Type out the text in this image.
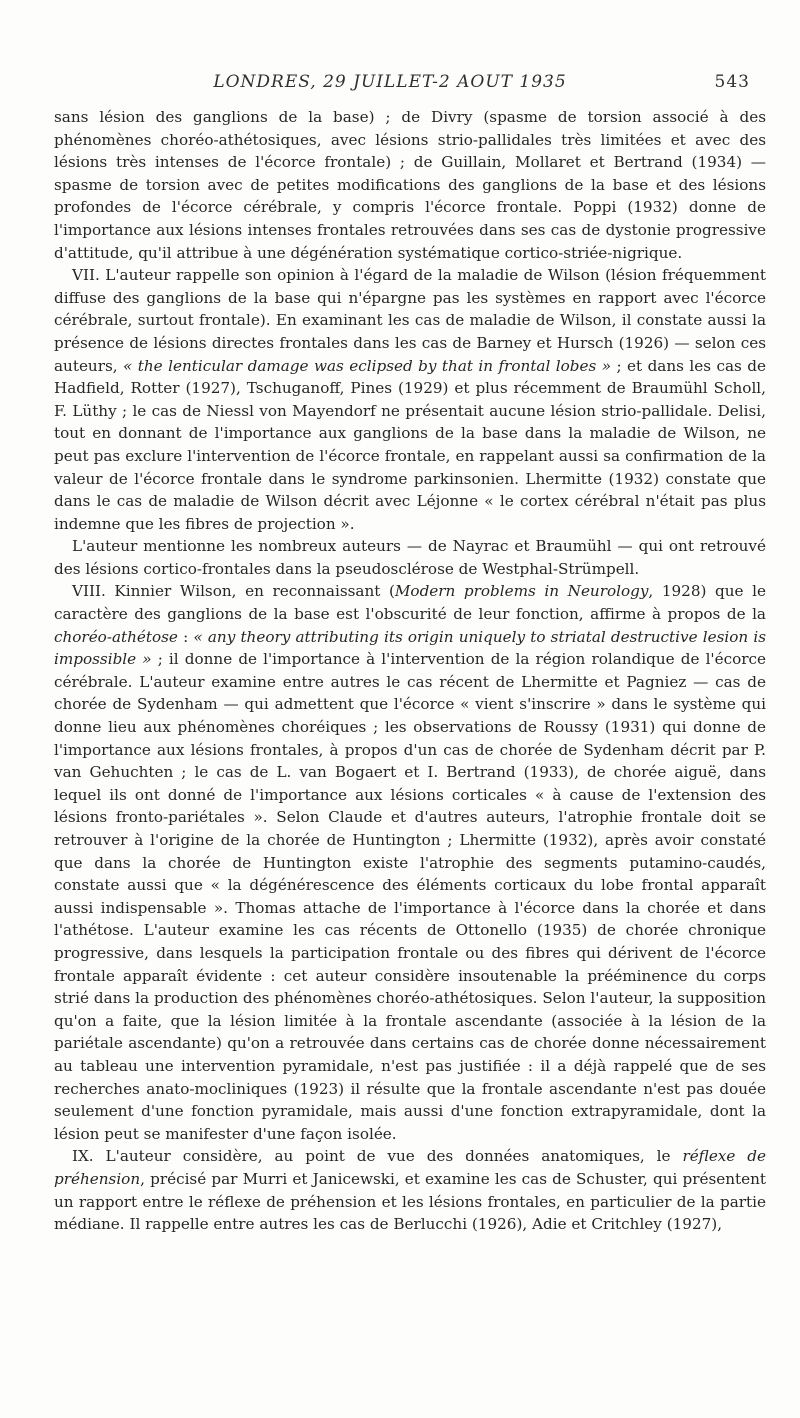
LONDRES, 29 JUILLET-2 AOUT 1935	543

sans lésion des ganglions de la base) ; de Divry (spasme de torsion associé à des phénomènes choréo-athétosiques, avec lésions strio-pallidales très limitées et avec des lésions très intenses de l'écorce frontale) ; de Guillain, Mollaret et Bertrand (1934) — spasme de torsion avec de petites modifications des ganglions de la base et des lésions profondes de l'écorce cérébrale, y compris l'écorce frontale. Poppi (1932) donne de l'importance aux lésions intenses frontales retrouvées dans ses cas de dystonie progressive d'attitude, qu'il attribue à une dégénération systématique cortico-striée-nigrique.

VII. L'auteur rappelle son opinion à l'égard de la maladie de Wilson (lésion fréquemment diffuse des ganglions de la base qui n'épargne pas les systèmes en rapport avec l'écorce cérébrale, surtout frontale). En examinant les cas de maladie de Wilson, il constate aussi la présence de lésions directes frontales dans les cas de Barney et Hursch (1926) — selon ces auteurs, « the lenticular damage was eclipsed by that in frontal lobes » ; et dans les cas de Hadfield, Rotter (1927), Tschuganoff, Pines (1929) et plus récemment de Braumühl Scholl, F. Lüthy ; le cas de Niessl von Mayendorf ne présentait aucune lésion strio-pallidale. Delisi, tout en donnant de l'importance aux ganglions de la base dans la maladie de Wilson, ne peut pas exclure l'intervention de l'écorce frontale, en rappelant aussi sa confirmation de la valeur de l'écorce frontale dans le syndrome parkinsonien. Lhermitte (1932) constate que dans le cas de maladie de Wilson décrit avec Léjonne « le cortex cérébral n'était pas plus indemne que les fibres de projection ».

L'auteur mentionne les nombreux auteurs — de Nayrac et Braumühl — qui ont retrouvé des lésions cortico-frontales dans la pseudosclérose de Westphal-Strümpell.

VIII. Kinnier Wilson, en reconnaissant (Modern problems in Neurology, 1928) que le caractère des ganglions de la base est l'obscurité de leur fonction, affirme à propos de la choréo-athétose : « any theory attributing its origin uniquely to striatal destructive lesion is impossible » ; il donne de l'importance à l'intervention de la région rolandique de l'écorce cérébrale. L'auteur examine entre autres le cas récent de Lhermitte et Pagniez — cas de chorée de Sydenham — qui admettent que l'écorce « vient s'inscrire » dans le système qui donne lieu aux phénomènes choréiques ; les observations de Roussy (1931) qui donne de l'importance aux lésions frontales, à propos d'un cas de chorée de Sydenham décrit par P. van Gehuchten ; le cas de L. van Bogaert et I. Bertrand (1933), de chorée aiguë, dans lequel ils ont donné de l'importance aux lésions corticales « à cause de l'extension des lésions fronto-pariétales ». Selon Claude et d'autres auteurs, l'atrophie frontale doit se retrouver à l'origine de la chorée de Huntington ; Lhermitte (1932), après avoir constaté que dans la chorée de Huntington existe l'atrophie des segments putamino-caudés, constate aussi que « la dégénérescence des éléments corticaux du lobe frontal apparaît aussi indispensable ». Thomas attache de l'importance à l'écorce dans la chorée et dans l'athétose. L'auteur examine les cas récents de Ottonello (1935) de chorée chronique progressive, dans lesquels la participation frontale ou des fibres qui dérivent de l'écorce frontale apparaît évidente : cet auteur considère insoutenable la prééminence du corps strié dans la production des phénomènes choréo-athétosiques. Selon l'auteur, la supposition qu'on a faite, que la lésion limitée à la frontale ascendante (associée à la lésion de la pariétale ascendante) qu'on a retrouvée dans certains cas de chorée donne nécessairement au tableau une intervention pyramidale, n'est pas justifiée : il a déjà rappelé que de ses recherches anato-mocliniques (1923) il résulte que la frontale ascendante n'est pas douée seulement d'une fonction pyramidale, mais aussi d'une fonction extrapyramidale, dont la lésion peut se manifester d'une façon isolée.

IX. L'auteur considère, au point de vue des données anatomiques, le réflexe de préhension, précisé par Murri et Janicewski, et examine les cas de Schuster, qui présentent un rapport entre le réflexe de préhension et les lésions frontales, en particulier de la partie médiane. Il rappelle entre autres les cas de Berlucchi (1926), Adie et Critchley (1927),
